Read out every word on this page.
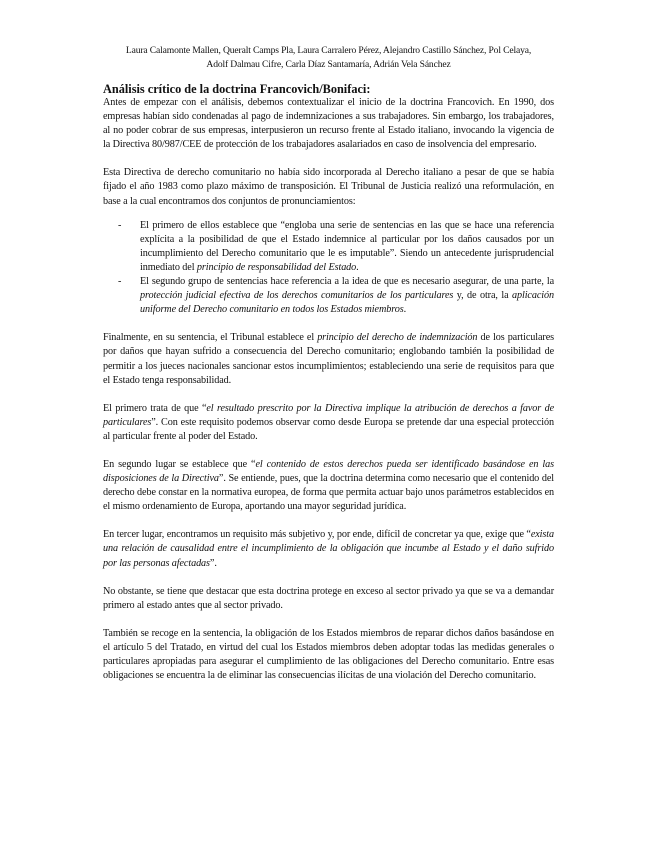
Laura Calamonte Mallen, Queralt Camps Pla, Laura Carralero Pérez, Alejandro Castillo Sánchez, Pol Celaya,
Adolf Dalmau Cifre, Carla Díaz Santamaría, Adrián Vela Sánchez
Análisis crítico de la doctrina Francovich/Bonifaci:

Antes de empezar con el análisis, debemos contextualizar el inicio de la doctrina Francovich. En 1990, dos empresas habían sido condenadas al pago de indemnizaciones a sus trabajadores. Sin embargo, los trabajadores, al no poder cobrar de sus empresas, interpusieron un recurso frente al Estado italiano, invocando la vigencia de la Directiva 80/987/CEE de protección de los trabajadores asalariados en caso de insolvencia del empresario.

Esta Directiva de derecho comunitario no había sido incorporada al Derecho italiano a pesar de que se había fijado el año 1983 como plazo máximo de transposición. El Tribunal de Justicia realizó una reformulación, en base a la cual encontramos dos conjuntos de pronunciamientos:

- El primero de ellos establece que “engloba una serie de sentencias en las que se hace una referencia explícita a la posibilidad de que el Estado indemnice al particular por los daños causados por un incumplimiento del Derecho comunitario que le es imputable”. Siendo un antecedente jurisprudencial inmediato del principio de responsabilidad del Estado.
- El segundo grupo de sentencias hace referencia a la idea de que es necesario asegurar, de una parte, la protección judicial efectiva de los derechos comunitarios de los particulares y, de otra, la aplicación uniforme del Derecho comunitario en todos los Estados miembros.

Finalmente, en su sentencia, el Tribunal establece el principio del derecho de indemnización de los particulares por daños que hayan sufrido a consecuencia del Derecho comunitario; englobando también la posibilidad de permitir a los jueces nacionales sancionar estos incumplimientos; estableciendo una serie de requisitos para que el Estado tenga responsabilidad.

El primero trata de que “el resultado prescrito por la Directiva implique la atribución de derechos a favor de particulares”. Con este requisito podemos observar como desde Europa se pretende dar una especial protección al particular frente al poder del Estado.

En segundo lugar se establece que “el contenido de estos derechos pueda ser identificado basándose en las disposiciones de la Directiva”. Se entiende, pues, que la doctrina determina como necesario que el contenido del derecho debe constar en la normativa europea, de forma que permita actuar bajo unos parámetros establecidos en el mismo ordenamiento de Europa, aportando una mayor seguridad jurídica.

En tercer lugar, encontramos un requisito más subjetivo y, por ende, difícil de concretar ya que, exige que “exista una relación de causalidad entre el incumplimiento de la obligación que incumbe al Estado y el daño sufrido por las personas afectadas”.

No obstante, se tiene que destacar que esta doctrina protege en exceso al sector privado ya que se va a demandar primero al estado antes que al sector privado.

También se recoge en la sentencia, la obligación de los Estados miembros de reparar dichos daños basándose en el artículo 5 del Tratado, en virtud del cual los Estados miembros deben adoptar todas las medidas generales o particulares apropiadas para asegurar el cumplimiento de las obligaciones del Derecho comunitario. Entre esas obligaciones se encuentra la de eliminar las consecuencias ilícitas de una violación del Derecho comunitario.
